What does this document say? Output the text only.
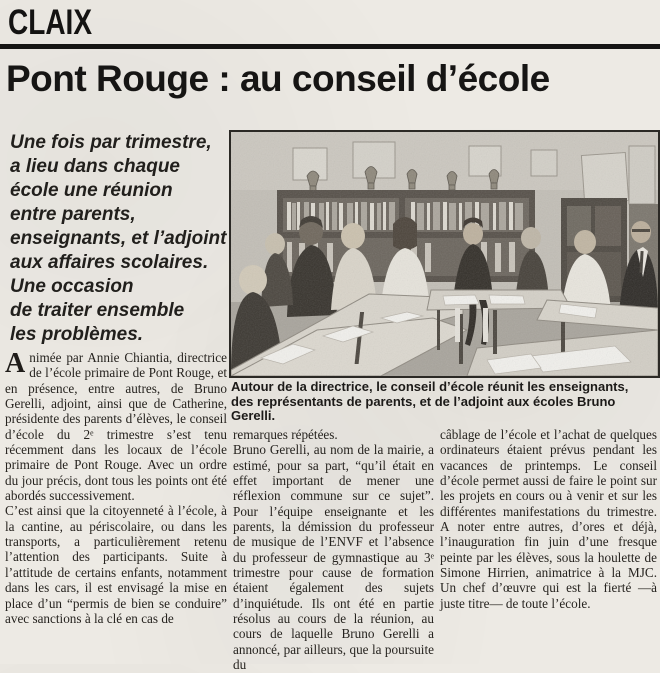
CLAIX
Pont Rouge : au conseil d’école
Une fois par trimestre,
a lieu dans chaque
école une réunion
entre parents,
enseignants, et l’adjoint
aux affaires scolaires.
Une occasion
de traiter ensemble
les problèmes.
Autour de la directrice, le conseil d’école réunit les enseignants,
des représentants de parents, et de l’adjoint aux écoles Bruno Gerelli.

Animée par Annie Chiantia, directrice de l’école primaire de Pont Rouge, et en présence, entre autres, de Bruno Gerelli, adjoint, ainsi que de Catherine, présidente des parents d’élèves, le conseil d’école du 2ᵉ trimestre s’est tenu récemment dans les locaux de l’école primaire de Pont Rouge. Avec un ordre du jour précis, dont tous les points ont été abordés successivement.

C’est ainsi que la citoyenneté à l’école, à la cantine, au périscolaire, ou dans les transports, a particulièrement retenu l’attention des participants. Suite à l’attitude de certains enfants, notamment dans les cars, il est envisagé la mise en place d’un “permis de bien se conduire” avec sanctions à la clé en cas de

remarques répétées.

Bruno Gerelli, au nom de la mairie, a estimé, pour sa part, “qu’il était en effet important de mener une réflexion commune sur ce sujet”. Pour l’équipe enseignante et les parents, la démission du professeur de musique de l’ENVF et l’absence du professeur de gymnastique au 3ᵉ trimestre pour cause de formation étaient également des sujets d’inquiétude. Ils ont été en partie résolus au cours de la réunion, au cours de laquelle Bruno Gerelli a annoncé, par ailleurs, que la poursuite du

câblage de l’école et l’achat de quelques ordinateurs étaient prévus pendant les vacances de printemps. Le conseil d’école permet aussi de faire le point sur les projets en cours ou à venir et sur les différentes manifestations du trimestre. A noter entre autres, d’ores et déjà, l’inauguration fin juin d’une fresque peinte par les élèves, sous la houlette de Simone Hirrien, animatrice à la MJC. Un chef d’œuvre qui est la fierté —à juste titre— de toute l’école.
